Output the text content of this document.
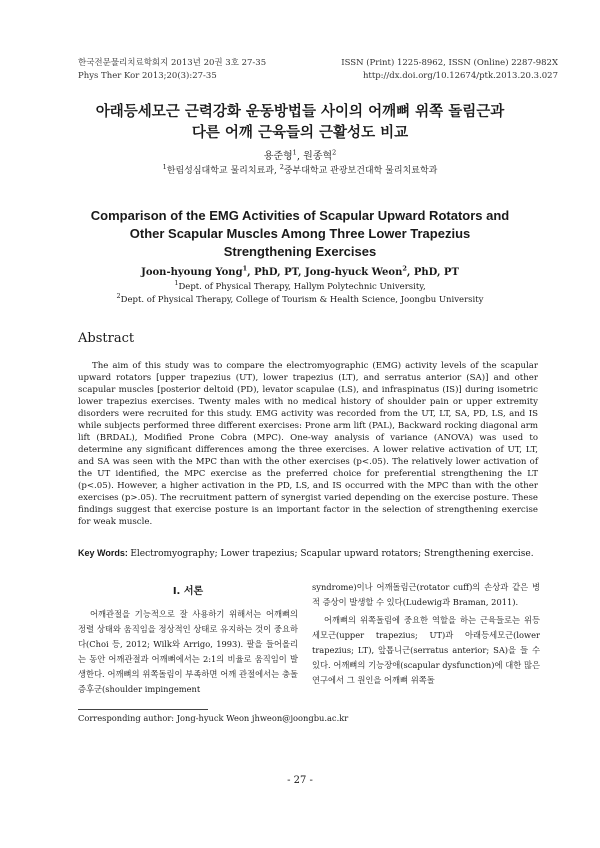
한국전문물리치료학회지 2013년 20권 3호 27-35
Phys Ther Kor 2013;20(3):27-35
ISSN (Print) 1225-8962, ISSN (Online) 2287-982X
http://dx.doi.org/10.12674/ptk.2013.20.3.027
아래등세모근 근력강화 운동방법들 사이의 어깨뼈 위쪽 돌림근과
다른 어깨 근육들의 근활성도 비교
용준형$^1$, 원종혁$^2$
$^1$한림성심대학교 물리치료과, $^2$중부대학교 관광보건대학 물리치료학과
Comparison of the EMG Activities of Scapular Upward Rotators and
Other Scapular Muscles Among Three Lower Trapezius
Strengthening Exercises
Joon-hyoung Yong$^1$, PhD, PT, Jong-hyuck Weon$^2$, PhD, PT
$^1$Dept. of Physical Therapy, Hallym Polytechnic University,
$^2$Dept. of Physical Therapy, College of Tourism & Health Science, Joongbu University
Abstract
The aim of this study was to compare the electromyographic (EMG) activity levels of the scapular upward rotators [upper trapezius (UT), lower trapezius (LT), and serratus anterior (SA)] and other scapular muscles [posterior deltoid (PD), levator scapulae (LS), and infraspinatus (IS)] during isometric lower trapezius exercises. Twenty males with no medical history of shoulder pain or upper extremity disorders were recruited for this study. EMG activity was recorded from the UT, LT, SA, PD, LS, and IS while subjects performed three different exercises: Prone arm lift (PAL), Backward rocking diagonal arm lift (BRDAL), Modified Prone Cobra (MPC). One-way analysis of variance (ANOVA) was used to determine any significant differences among the three exercises. A lower relative activation of UT, LT, and SA was seen with the MPC than with the other exercises (p<.05). The relatively lower activation of the UT identified, the MPC exercise as the preferred choice for preferential strengthening the LT (p<.05). However, a higher activation in the PD, LS, and IS occurred with the MPC than with the other exercises (p>.05). The recruitment pattern of synergist varied depending on the exercise posture. These findings suggest that exercise posture is an important factor in the selection of strengthening exercise for weak muscle.
Key Words: Electromyography; Lower trapezius; Scapular upward rotators; Strengthening exercise.
Ⅰ. 서론

어깨관절을 기능적으로 잘 사용하기 위해서는 어깨뼈의 정렬 상태와 움직임을 정상적인 상태로 유지하는 것이 중요하다(Choi 등, 2012; Wilk와 Arrigo, 1993). 팔을 들어올리는 동안 어깨관절과 어깨뼈에서는 2:1의 비율로 움직임이 발생한다. 어깨뼈의 위쪽돌림이 부족하면 어깨 관절에서는 충돌증후군(shoulder impingement

syndrome)이나 어깨돌림근(rotator cuff)의 손상과 같은 병적 증상이 발생할 수 있다(Ludewig과 Braman, 2011).

어깨뼈의 위쪽돌림에 중요한 역할을 하는 근육들로는 위등세모근(upper trapezius; UT)과 아래등세모근(lower trapezius; LT), 앞톱니근(serratus anterior; SA)을 들 수 있다. 어깨뼈의 기능장애(scapular dysfunction)에 대한 많은 연구에서 그 원인을 어깨뼈 위쪽돌

Corresponding author: Jong-hyuck Weon jhweon@joongbu.ac.kr
- 27 -
